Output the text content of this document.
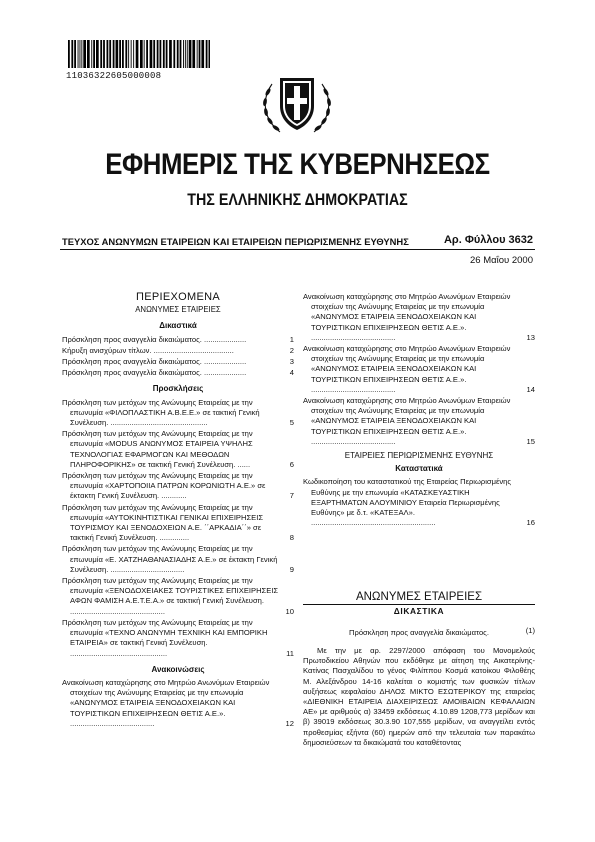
11036322605000008
ΕΦΗΜΕΡΙΣ ΤΗΣ ΚΥΒΕΡΝΗΣΕΩΣ
ΤΗΣ ΕΛΛΗΝΙΚΗΣ ΔΗΜΟΚΡΑΤΙΑΣ
ΤΕΥΧΟΣ ΑΝΩΝΥΜΩΝ ΕΤΑΙΡΕΙΩΝ ΚΑΙ ΕΤΑΙΡΕΙΩΝ ΠΕΡΙΩΡΙΣΜΕΝΗΣ ΕΥΘΥΝΗΣ	Αρ. Φύλλου 3632
26 Μαΐου 2000
ΠΕΡΙΕΧΟΜΕΝΑ
ΑΝΩΝΥΜΕΣ ΕΤΑΙΡΕΙΕΣ
Δικαστικά
Πρόσκληση προς αναγγελία δικαιώματος. ....................	1
Κήρυξη ανισχύρων τίτλων. ......................................	2
Πρόσκληση προς αναγγελία δικαιώματος. ....................	3
Πρόσκληση προς αναγγελία δικαιώματος. ....................	4
Προσκλήσεις
Πρόσκληση των μετόχων της Ανώνυμης Εταιρείας με την επωνυμία «ΦΙΛΟΠΛΑΣΤΙΚΗ Α.Β.Ε.Ε.» σε τακτική Γενική Συνέλευση. ..............................................	5
Πρόσκληση των μετόχων της Ανώνυμης Εταιρείας με την επωνυμία «MODUS ΑΝΩΝΥΜΟΣ ΕΤΑΙΡΕΙΑ ΥΨΗΛΗΣ ΤΕΧΝΟΛΟΓΙΑΣ ΕΦΑΡΜΟΓΩΝ ΚΑΙ ΜΕΘΟΔΩΝ ΠΛΗΡΟΦΟΡΙΚΗΣ» σε τακτική Γενική Συνέλευση. ......	6
Πρόσκληση των μετόχων της Ανώνυμης Εταιρείας με την επωνυμία «ΧΑΡΤΟΠΟΙΙΑ ΠΑΤΡΩΝ ΚΟΡΩΝΙΩΤΗ Α.Ε.» σε έκτακτη Γενική Συνέλευση. ............	7
Πρόσκληση των μετόχων της Ανώνυμης Εταιρείας με την επωνυμία «ΑΥΤΟΚΙΝΗΤΙΣΤΙΚΑΙ ΓΕΝΙΚΑΙ ΕΠΙΧΕΙΡΗΣΕΙΣ ΤΟΥΡΙΣΜΟΥ ΚΑΙ ΞΕΝΟΔΟΧΕΙΩΝ Α.Ε. ΄΄ΑΡΚΑΔΙΑ΄΄» σε τακτική Γενική Συνέλευση. ..............	8
Πρόσκληση των μετόχων της Ανώνυμης Εταιρείας με την επωνυμία «Ε. ΧΑΤΖΗΑΘΑΝΑΣΙΑΔΗΣ Α.Ε.» σε έκτακτη Γενική Συνέλευση. ...................................	9
Πρόσκληση των μετόχων της Ανώνυμης Εταιρείας με την επωνυμία «ΞΕΝΟΔΟΧΕΙΑΚΕΣ ΤΟΥΡΙΣΤΙΚΕΣ ΕΠΙΧΕΙΡΗΣΕΙΣ ΑΦΩΝ ΦΑΜΙΣΗ Α.Ε.Τ.Ε.Α.» σε τακτική Γενική Συνέλευση. .............................................	10
Πρόσκληση των μετόχων της Ανώνυμης Εταιρείας με την επωνυμία «ΤΕΧΝΟ ΑΝΩΝΥΜΗ ΤΕΧΝΙΚΗ ΚΑΙ ΕΜΠΟΡΙΚΗ ΕΤΑΙΡΕΙΑ» σε τακτική Γενική Συνέλευση. ..............................................	11
Ανακοινώσεις
Ανακοίνωση καταχώρησης στο Μητρώο Ανωνύμων Εταιρειών στοιχείων της Ανώνυμης Εταιρείας με την επωνυμία «ΑΝΩΝΥΜΟΣ ΕΤΑΙΡΕΙΑ ΞΕΝΟΔΟΧΕΙΑΚΩΝ ΚΑΙ ΤΟΥΡΙΣΤΙΚΩΝ ΕΠΙΧΕΙΡΗΣΕΩΝ ΘΕΤΙΣ Α.Ε.». ........................................	12
Ανακοίνωση καταχώρησης στο Μητρώο Ανωνύμων Εταιρειών στοιχείων της Ανώνυμης Εταιρείας με την επωνυμία «ΑΝΩΝΥΜΟΣ ΕΤΑΙΡΕΙΑ ΞΕΝΟΔΟΧΕΙΑΚΩΝ ΚΑΙ ΤΟΥΡΙΣΤΙΚΩΝ ΕΠΙΧΕΙΡΗΣΕΩΝ ΘΕΤΙΣ Α.Ε.». ........................................	13
Ανακοίνωση καταχώρησης στο Μητρώο Ανωνύμων Εταιρειών στοιχείων της Ανώνυμης Εταιρείας με την επωνυμία «ΑΝΩΝΥΜΟΣ ΕΤΑΙΡΕΙΑ ΞΕΝΟΔΟΧΕΙΑΚΩΝ ΚΑΙ ΤΟΥΡΙΣΤΙΚΩΝ ΕΠΙΧΕΙΡΗΣΕΩΝ ΘΕΤΙΣ Α.Ε.». ........................................	14
Ανακοίνωση καταχώρησης στο Μητρώο Ανωνύμων Εταιρειών στοιχείων της Ανώνυμης Εταιρείας με την επωνυμία «ΑΝΩΝΥΜΟΣ ΕΤΑΙΡΕΙΑ ΞΕΝΟΔΟΧΕΙΑΚΩΝ ΚΑΙ ΤΟΥΡΙΣΤΙΚΩΝ ΕΠΙΧΕΙΡΗΣΕΩΝ ΘΕΤΙΣ Α.Ε.». ........................................	15
ΕΤΑΙΡΕΙΕΣ ΠΕΡΙΩΡΙΣΜΕΝΗΣ ΕΥΘΥΝΗΣ
Καταστατικά
Κωδικοποίηση του καταστατικού της Εταιρείας Περιωρισμένης Ευθύνης με την επωνυμία «ΚΑΤΑΣΚΕΥΑΣΤΙΚΗ ΕΞΑΡΤΗΜΑΤΩΝ ΑΛΟΥΜΙΝΙΟΥ Εταιρεία Περιωρισμένης Ευθύνης» με δ.τ. «ΚΑΤΕΞΑΛ». ...........................................................	16
ΑΝΩΝΥΜΕΣ ΕΤΑΙΡΕΙΕΣ
ΔΙΚΑΣΤΙΚΑ
Πρόσκληση προς αναγγελία δικαιώματος.	(1)
Με την με αρ. 2297/2000 απόφαση του Μονομελούς Πρωτοδικείου Αθηνών που εκδόθηκε με αίτηση της Αικατερίνης-Κατίνας Πασχαλίδου το γένος Φιλίππου Κοσμά κατοίκου Φιλοθέης Μ. Αλεξάνδρου 14-16 καλείται ο κομιστής των φυσικών τίτλων αυξήσεως κεφαλαίου ΔΗΛΟΣ ΜΙΚΤΟ ΕΣΩΤΕΡΙΚΟΥ της εταιρείας «ΔΙΕΘΝΙΚΗ ΕΤΑΙΡΕΙΑ ΔΙΑΧΕΙΡΙΣΕΩΣ ΑΜΟΙΒΑΙΩΝ ΚΕΦΑΛΑΙΩΝ ΑΕ» με αριθμούς α) 33459 εκδόσεως 4.10.89 1208,773 μερίδων και β) 39019 εκδόσεως 30.3.90 107,555 μερίδων, να αναγγείλει εντός προθεσμίας εξήντα (60) ημερών από την τελευταία των παρακάτω δημοσιεύσεων τα δικαιώματά του καταθέτοντας
